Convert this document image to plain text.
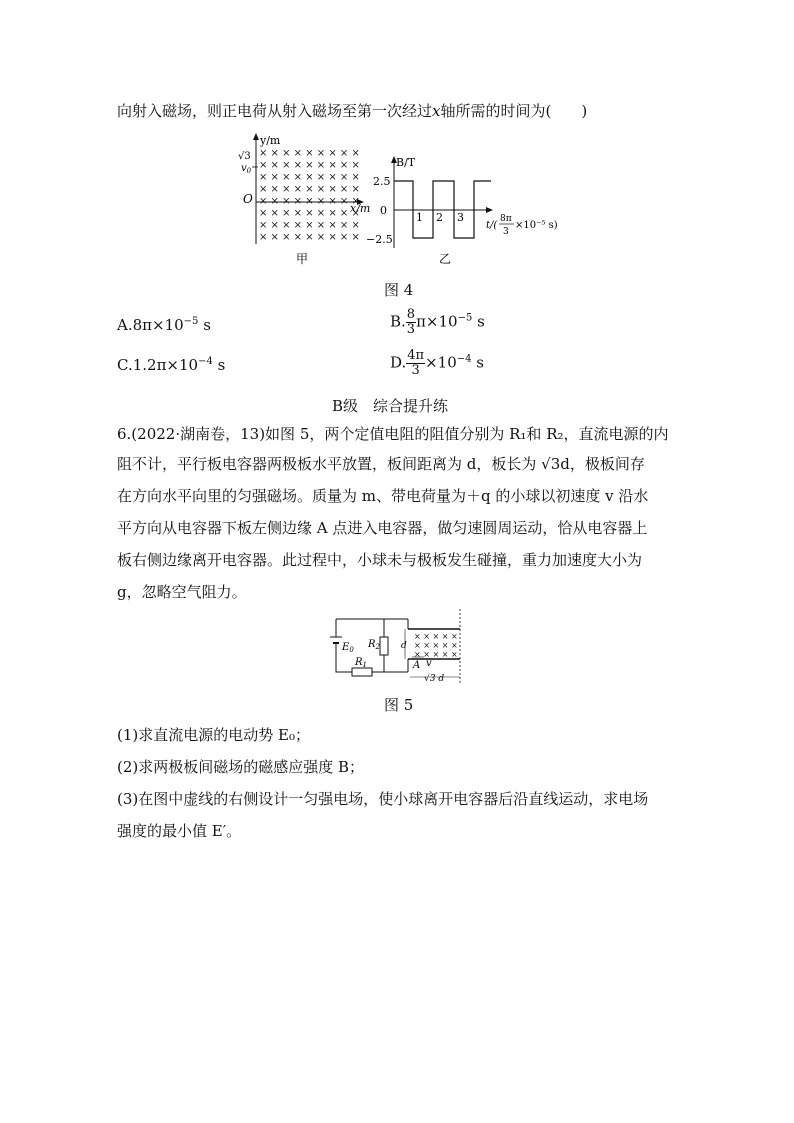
向射入磁场，则正电荷从射入磁场至第一次经过x轴所需的时间为(　　)
y/m
x/m
O
√3
$v_0$
× × × × × × × × ×
× × × × × × × × ×
× × × × × × × × ×
× × × × × × × × ×
× × × × × × × × ×
× × × × × × × × ×
× × × × × × × × ×
× × × × × × × × ×
甲
B/T
2.5
0
−2.5
1 2 3
t/(
8π
3
×10⁻⁵ s)
乙
图 4
$A.8\pi\times 10^{-5}$ s	B. $\frac{8}{3} \pi\times 10^{-5}$ s
$C.1.2\pi\times 10^{-4}$ s	D. $\frac{4\pi}{3} \times 10^{-4}$ s
B级　综合提升练
6.(2022·湖南卷，13)如图 5，两个定值电阻的阻值分别为 R₁和 R₂，直流电源的内
阻不计，平行板电容器两极板水平放置，板间距离为 d，板长为 √3d，极板间存
在方向水平向里的匀强磁场。质量为 m、带电荷量为＋q 的小球以初速度 v 沿水
平方向从电容器下板左侧边缘 A 点进入电容器，做匀速圆周运动，恰从电容器上
板右侧边缘离开电容器。此过程中，小球未与极板发生碰撞，重力加速度大小为
g，忽略空气阻力。
$E_0$
$R_1$
$R_2$
× × × × ×
× × × × ×
× × × × ×
d
A v
√3 d
图 5
(1)求直流电源的电动势 E₀；
(2)求两极板间磁场的磁感应强度 B；
(3)在图中虚线的右侧设计一匀强电场，使小球离开电容器后沿直线运动，求电场
强度的最小值 E′。
